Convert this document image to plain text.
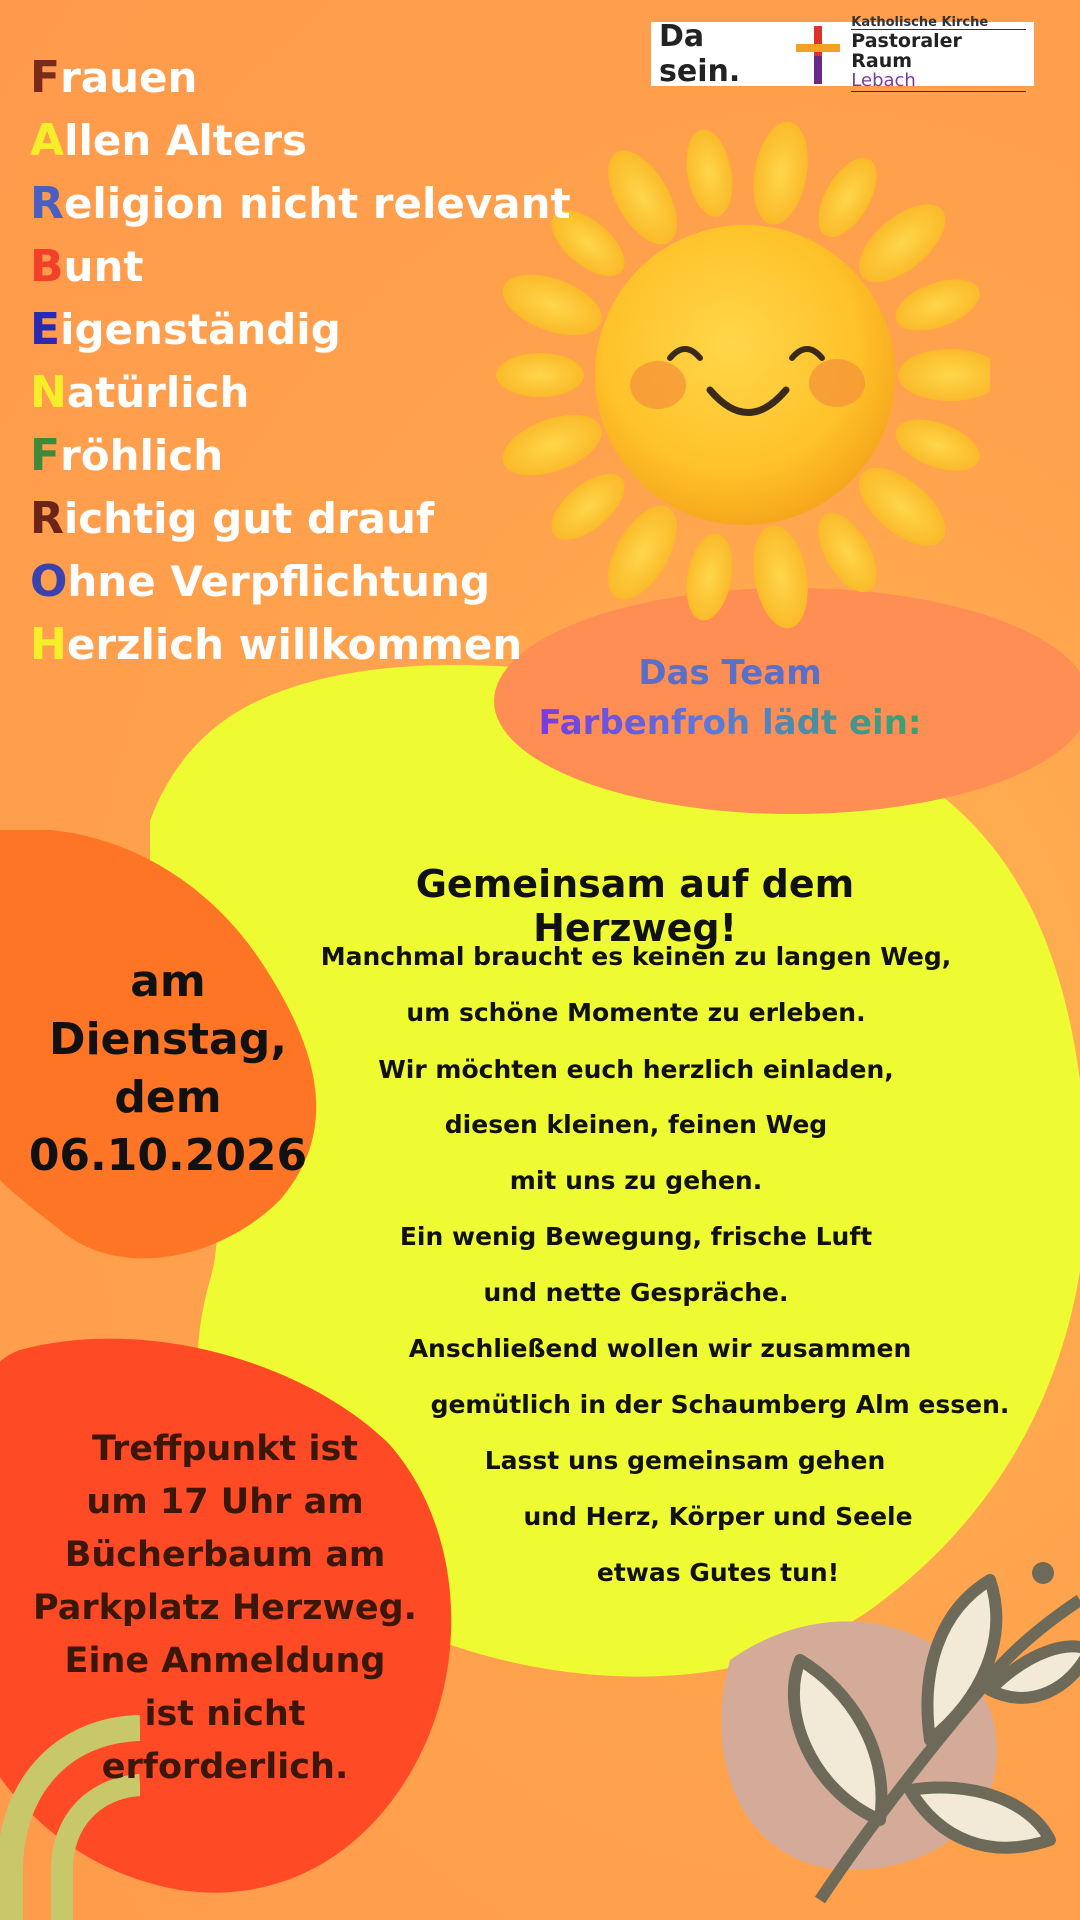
Frauen
Allen Alters
Religion nicht relevant
Bunt
Eigenständig
Natürlich
Fröhlich
Richtig gut drauf
Ohne Verpflichtung
Herzlich willkommen
Da sein.
Katholische Kirche
Pastoraler Raum
Lebach
Das Team
Farbenfroh lädt ein:
am Dienstag,
dem
06.10.2026
Gemeinsam auf dem Herzweg!
Manchmal braucht es keinen zu langen Weg,
um schöne Momente zu erleben.
Wir möchten euch herzlich einladen,
diesen kleinen, feinen Weg
mit uns zu gehen.
Ein wenig Bewegung, frische Luft
und nette Gespräche.
Anschließend wollen wir zusammen
gemütlich in der Schaumberg Alm essen.
Lasst uns gemeinsam gehen
und Herz, Körper und Seele
etwas Gutes tun!
Treffpunkt ist
um 17 Uhr am
Bücherbaum am
Parkplatz Herzweg.
Eine Anmeldung
ist nicht
erforderlich.
